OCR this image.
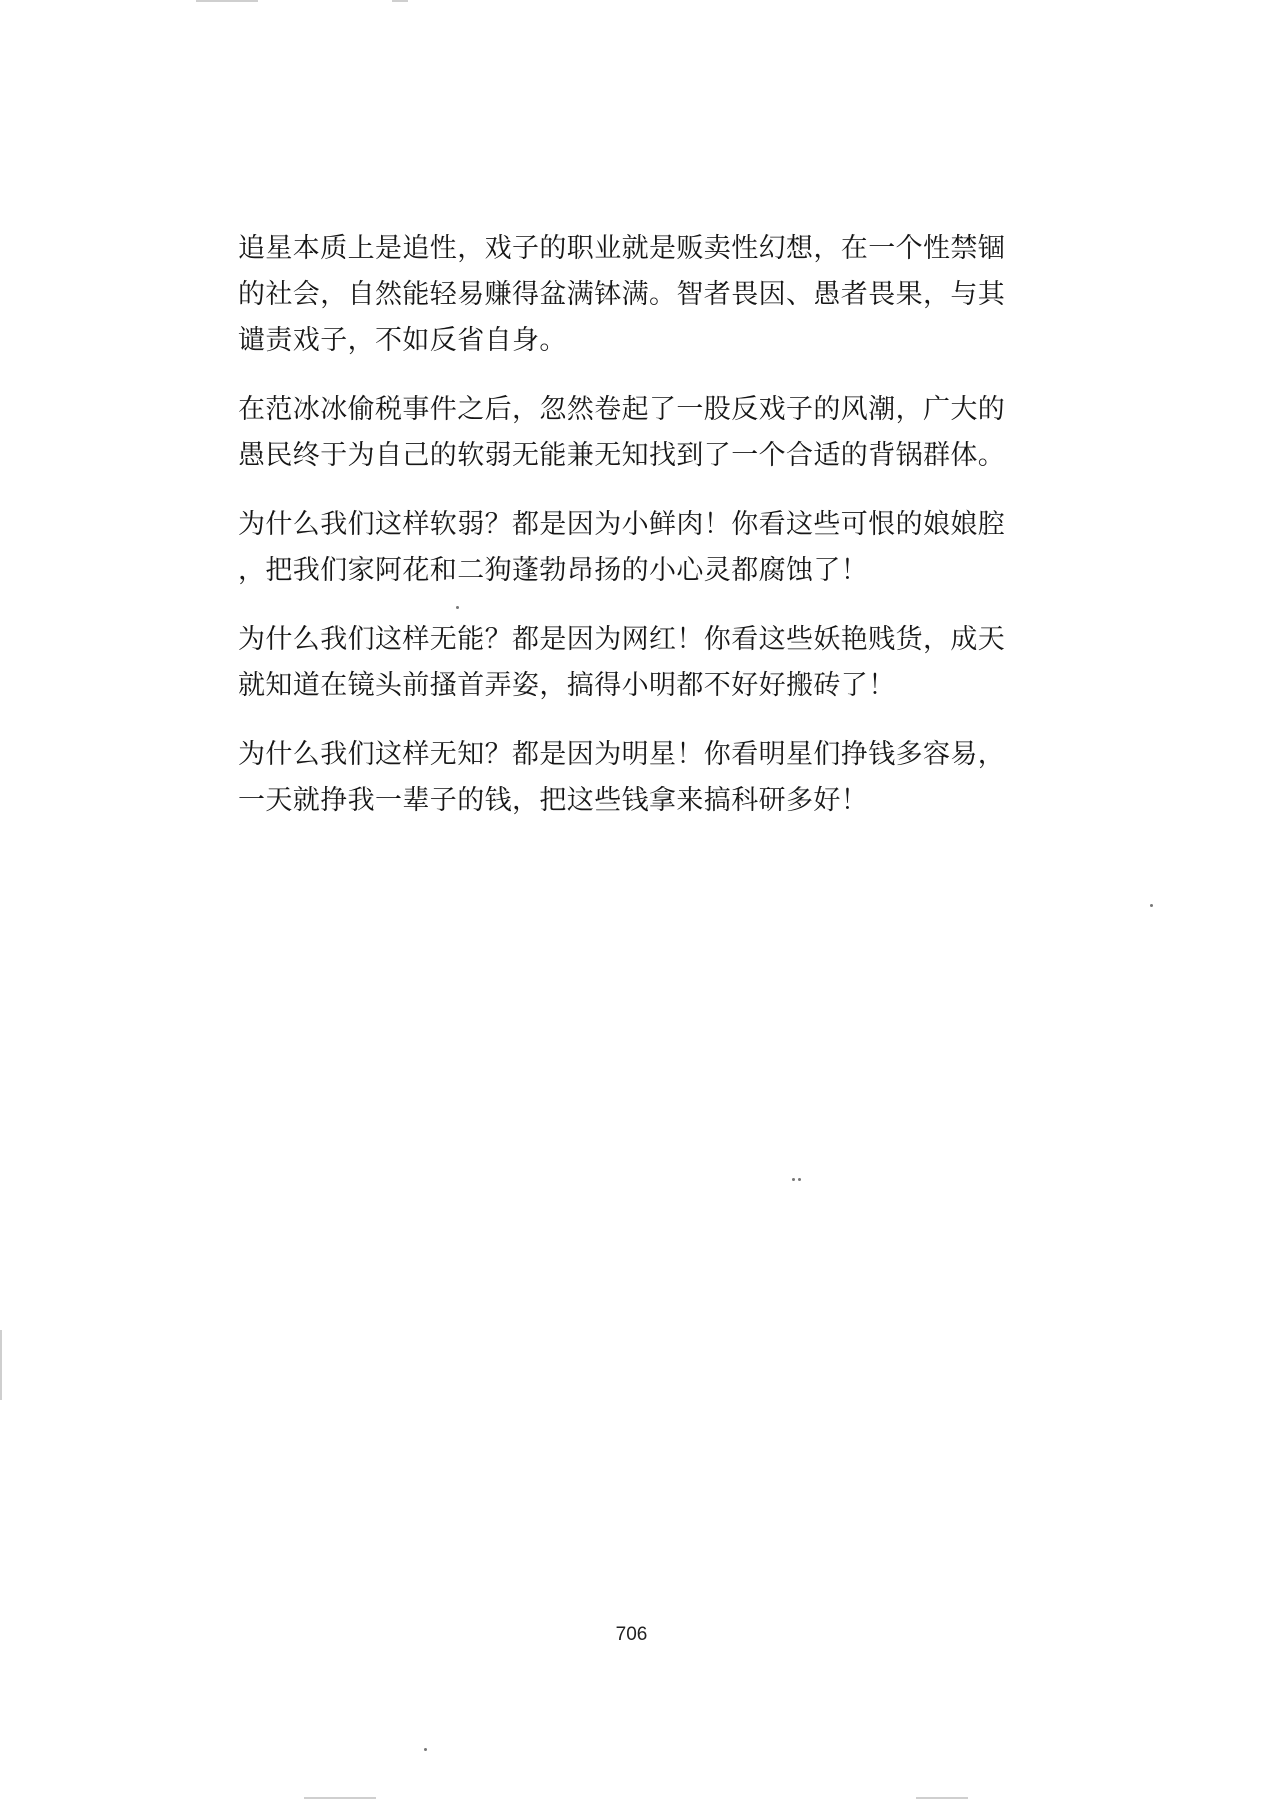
追星本质上是追性，戏子的职业就是贩卖性幻想，在一个性禁锢
的社会，自然能轻易赚得盆满钵满。智者畏因、愚者畏果，与其
谴责戏子，不如反省自身。

在范冰冰偷税事件之后，忽然卷起了一股反戏子的风潮，广大的
愚民终于为自己的软弱无能兼无知找到了一个合适的背锅群体。

为什么我们这样软弱？都是因为小鲜肉！你看这些可恨的娘娘腔
，把我们家阿花和二狗蓬勃昂扬的小心灵都腐蚀了！

为什么我们这样无能？都是因为网红！你看这些妖艳贱货，成天
就知道在镜头前搔首弄姿，搞得小明都不好好搬砖了！

为什么我们这样无知？都是因为明星！你看明星们挣钱多容易，
一天就挣我一辈子的钱，把这些钱拿来搞科研多好！

706
